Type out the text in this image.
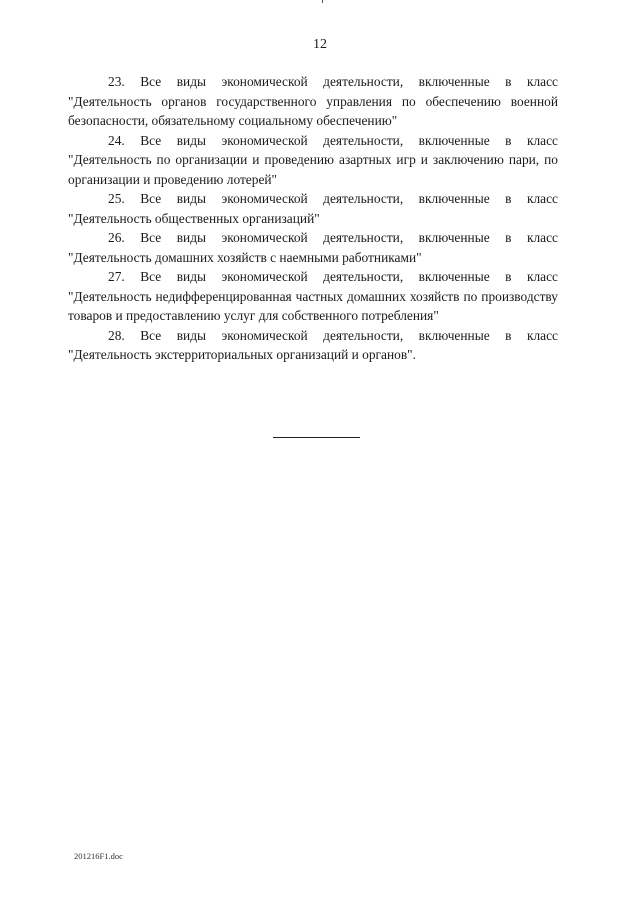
12

23. Все виды экономической деятельности, включенные в класс "Деятельность органов государственного управления по обеспечению военной безопасности, обязательному социальному обеспечению"

24. Все виды экономической деятельности, включенные в класс "Деятельность по организации и проведению азартных игр и заключению пари, по организации и проведению лотерей"

25. Все виды экономической деятельности, включенные в класс "Деятельность общественных организаций"

26. Все виды экономической деятельности, включенные в класс "Деятельность домашних хозяйств с наемными работниками"

27. Все виды экономической деятельности, включенные в класс "Деятельность недифференцированная частных домашних хозяйств по производству товаров и предоставлению услуг для собственного потребления"

28. Все виды экономической деятельности, включенные в класс "Деятельность экстерриториальных организаций и органов".

201216F1.doc
